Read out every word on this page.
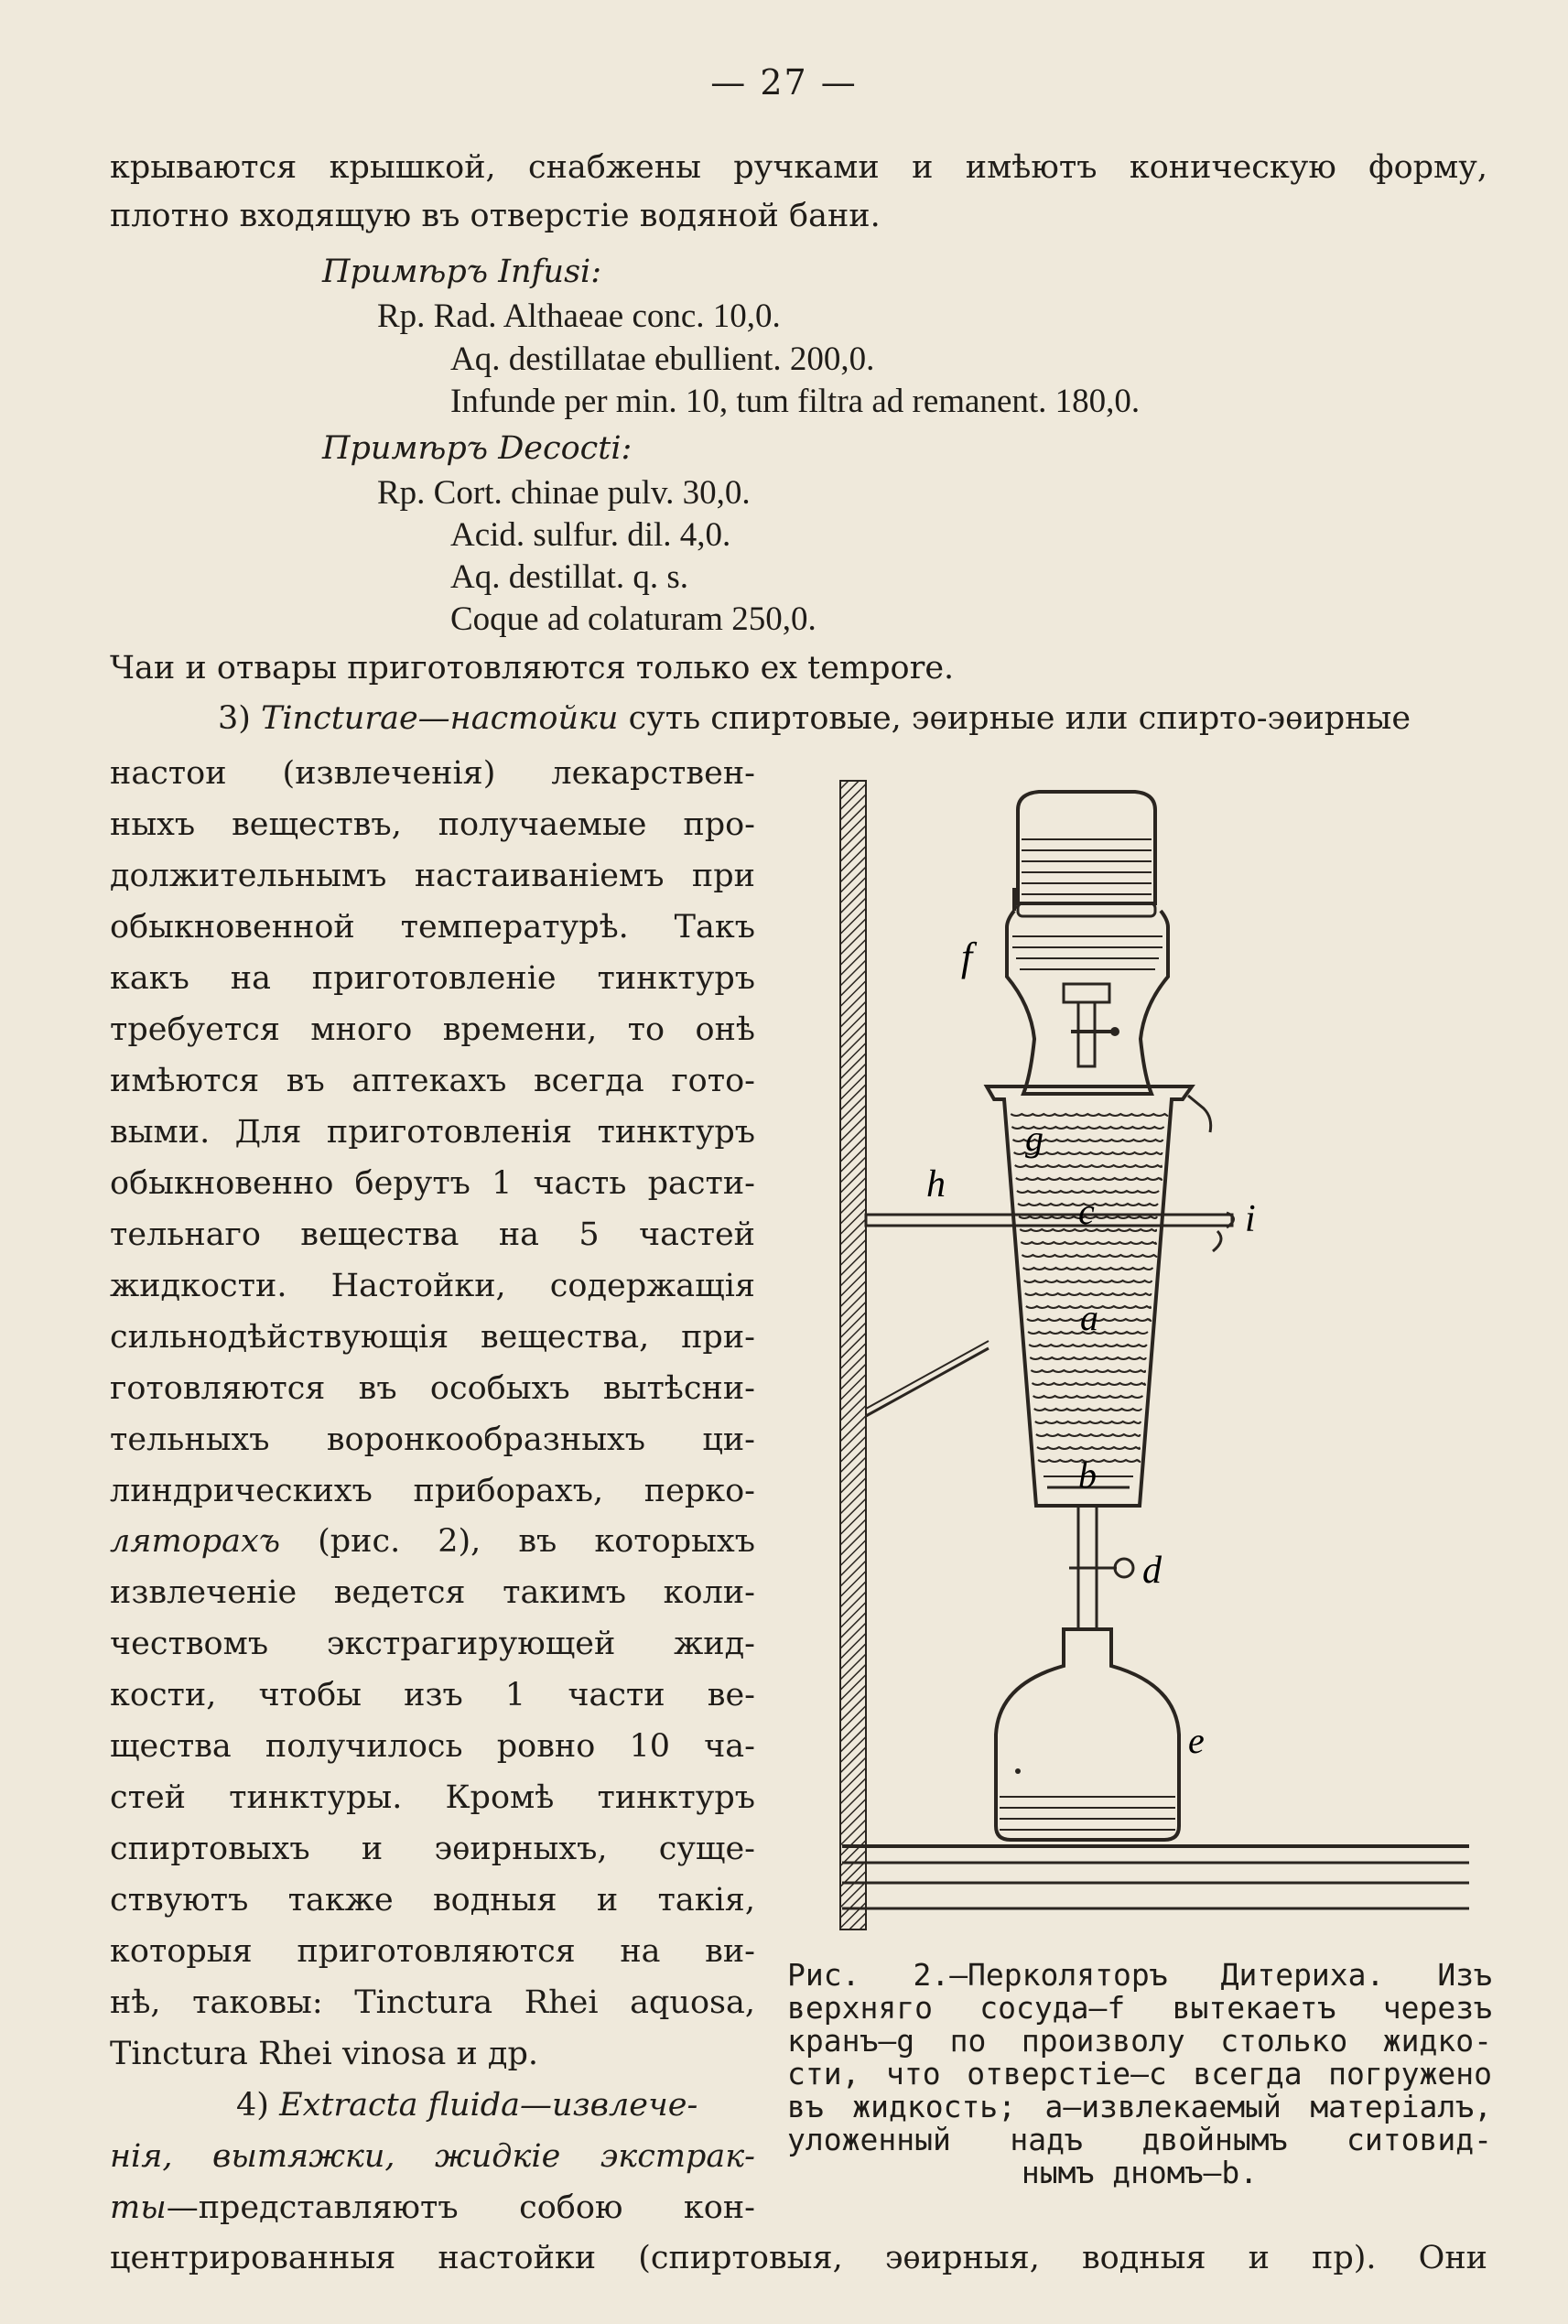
— 27 —
крываются крышкой, снабжены ручками и имѣютъ коническую форму,
плотно входящую въ отверстіе водяной бани.
Примѣръ Infusi:
Rp. Rad. Althaeae conc. 10,0.
Aq. destillatae ebullient. 200,0.
Infunde per min. 10, tum filtra ad remanent. 180,0.
Примѣръ Decocti:
Rp. Cort. chinae pulv. 30,0.
Acid. sulfur. dil. 4,0.
Aq. destillat. q. s.
Coque ad colaturam 250,0.
Чаи и отвары приготовляются только ex tempore.
3) Tincturae—настойки суть спиртовые, эѳирные или спирто-эѳирные
настои (извлеченія) лекарствен-
ныхъ веществъ, получаемые про-
должительнымъ настаиваніемъ при
обыкновенной температурѣ. Такъ
какъ на приготовленіе тинктуръ
требуется много времени, то онѣ
имѣются въ аптекахъ всегда гото-
выми. Для приготовленія тинктуръ
обыкновенно берутъ 1 часть расти-
тельнаго вещества на 5 частей
жидкости. Настойки, содержащія
сильнодѣйствующія вещества, при-
готовляются въ особыхъ вытѣсни-
тельныхъ воронкообразныхъ ци-
линдрическихъ приборахъ, перко-
ляторахъ (рис. 2), въ которыхъ
извлеченіе ведется такимъ коли-
чествомъ экстрагирующей жид-
кости, чтобы изъ 1 части ве-
щества получилось ровно 10 ча-
стей тинктуры. Кромѣ тинктуръ
спиртовыхъ и эѳирныхъ, суще-
ствуютъ также водныя и такія,
которыя приготовляются на ви-
нѣ, таковы: Tinctura Rhei aquosa,
Tinctura Rhei vinosa и др.
4) Extracta fluida—извлече-
нія, вытяжки, жидкіе экстрак-
ты—представляютъ собою кон-
центрированныя настойки (спиртовыя, эѳирныя, водныя и пр). Они
f
g
h
c	i
a
b
d
e
Рис. 2.—Перколяторъ Дитериха. Изъ
верхняго сосуда—f вытекаетъ черезъ
кранъ—g по произволу столько жидко-
сти, что отверстіе—c всегда погружено
въ жидкость; a—извлекаемый матеріалъ,
уложенный надъ двойнымъ ситовид-
нымъ дномъ—b.
